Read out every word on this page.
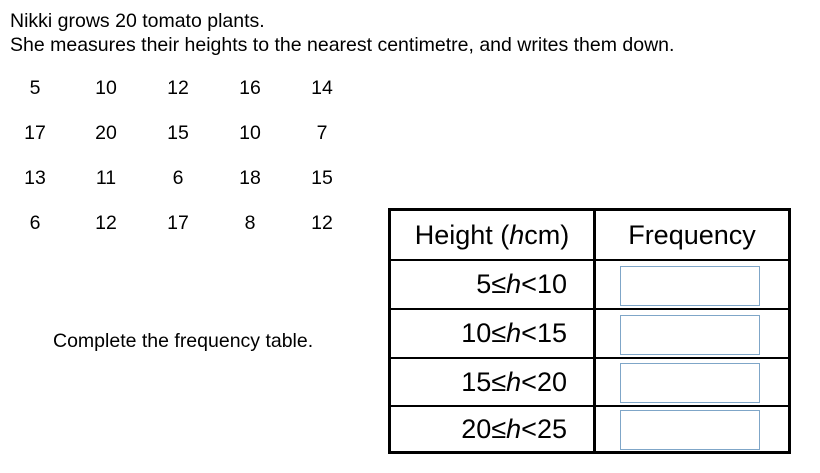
Nikki grows 20 tomato plants.
She measures their heights to the nearest centimetre, and writes them down.
5	10	12	16	14
17	20	15	10	7
13	11	6	18	15
6	12	17	8	12
Complete the frequency table.
Height ( h cm)	Frequency
5 ≤ h < 10
10 ≤ h < 15
15 ≤ h < 20
20 ≤ h < 25
